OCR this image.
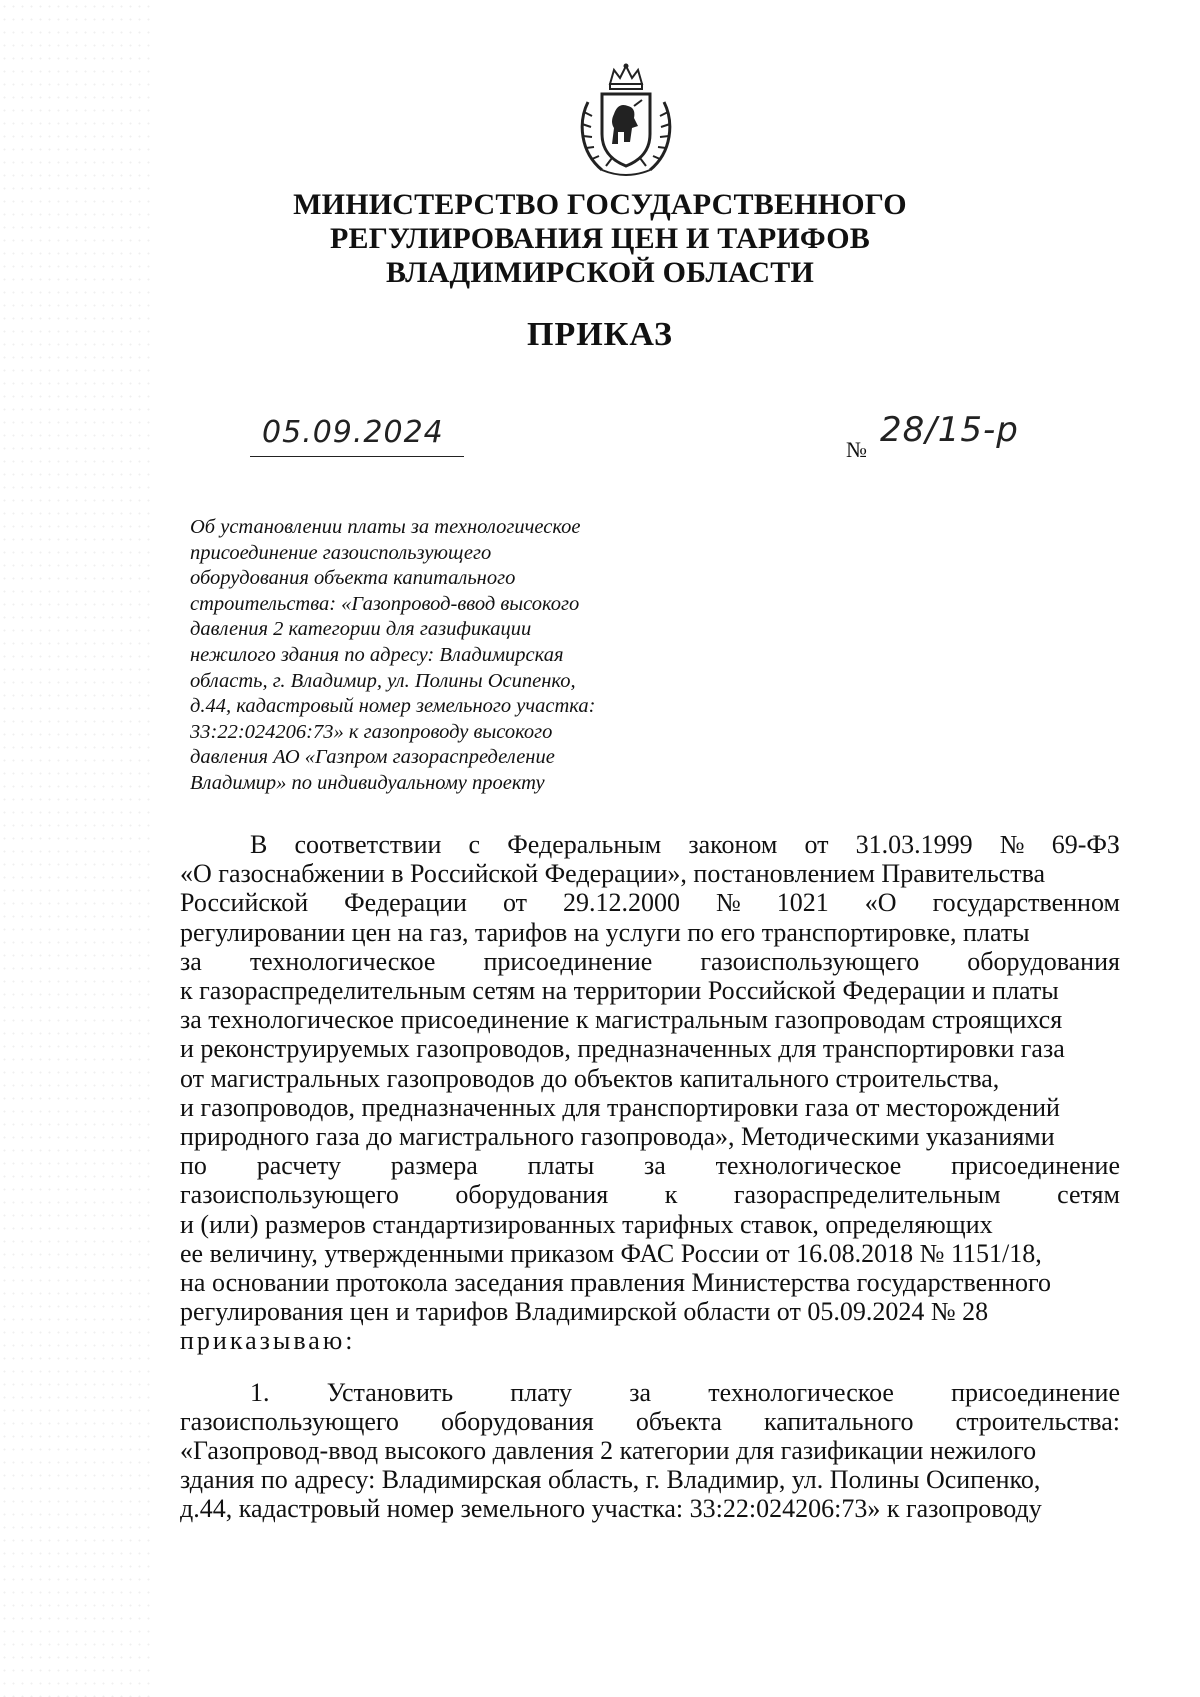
МИНИСТЕРСТВО ГОСУДАРСТВЕННОГО
РЕГУЛИРОВАНИЯ ЦЕН И ТАРИФОВ
ВЛАДИМИРСКОЙ ОБЛАСТИ
ПРИКАЗ
05.09.2024	№ 28/15-р
Об установлении платы за технологическое
присоединение газоиспользующего
оборудования объекта капитального
строительства: «Газопровод-ввод высокого
давления 2 категории для газификации
нежилого здания по адресу: Владимирская
область, г. Владимир, ул. Полины Осипенко,
д.44, кадастровый номер земельного участка:
33:22:024206:73» к газопроводу высокого
давления АО «Газпром газораспределение
Владимир» по индивидуальному проекту
В соответствии с Федеральным законом от 31.03.1999 № 69-ФЗ
«О газоснабжении в Российской Федерации», постановлением Правительства
Российской Федерации от 29.12.2000 № 1021 «О государственном
регулировании цен на газ, тарифов на услуги по его транспортировке, платы
за технологическое присоединение газоиспользующего оборудования
к газораспределительным сетям на территории Российской Федерации и платы
за технологическое присоединение к магистральным газопроводам строящихся
и реконструируемых газопроводов, предназначенных для транспортировки газа
от магистральных газопроводов до объектов капитального строительства,
и газопроводов, предназначенных для транспортировки газа от месторождений
природного газа до магистрального газопровода», Методическими указаниями
по расчету размера платы за технологическое присоединение
газоиспользующего оборудования к газораспределительным сетям
и (или) размеров стандартизированных тарифных ставок, определяющих
ее величину, утвержденными приказом ФАС России от 16.08.2018 № 1151/18,
на основании протокола заседания правления Министерства государственного
регулирования цен и тарифов Владимирской области от 05.09.2024 № 28
приказываю:
1. Установить плату за технологическое присоединение
газоиспользующего оборудования объекта капитального строительства:
«Газопровод-ввод высокого давления 2 категории для газификации нежилого
здания по адресу: Владимирская область, г. Владимир, ул. Полины Осипенко,
д.44, кадастровый номер земельного участка: 33:22:024206:73» к газопроводу
